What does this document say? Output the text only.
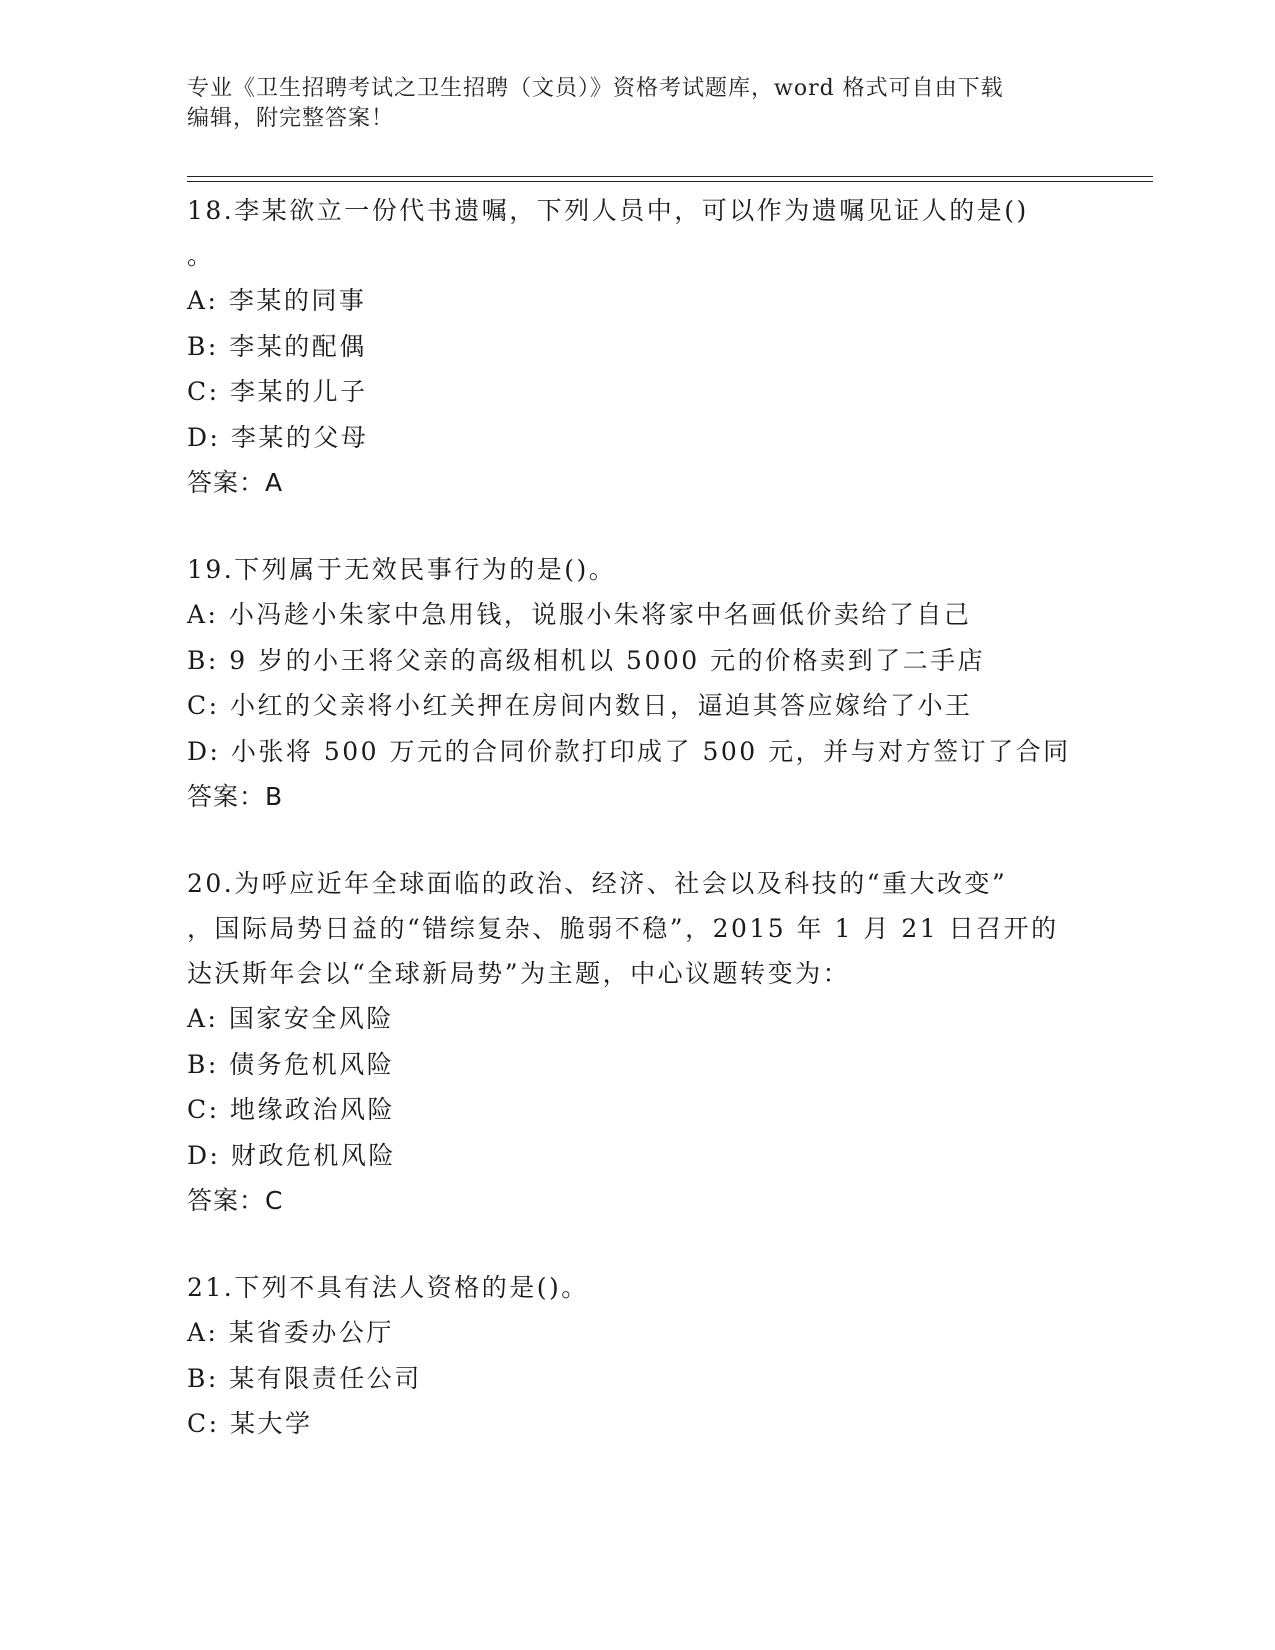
专业《卫生招聘考试之卫生招聘（文员）》资格考试题库，word 格式可自由下载
编辑，附完整答案！
18.李某欲立一份代书遗嘱，下列人员中，可以作为遗嘱见证人的是()
。
A: 李某的同事
B: 李某的配偶
C: 李某的儿子
D: 李某的父母
答案：A
19.下列属于无效民事行为的是()。
A: 小冯趁小朱家中急用钱，说服小朱将家中名画低价卖给了自己
B: 9 岁的小王将父亲的高级相机以 5000 元的价格卖到了二手店
C: 小红的父亲将小红关押在房间内数日，逼迫其答应嫁给了小王
D: 小张将 500 万元的合同价款打印成了 500 元，并与对方签订了合同
答案：B
20.为呼应近年全球面临的政治、经济、社会以及科技的“重大改变”
，国际局势日益的“错综复杂、脆弱不稳”，2015 年 1 月 21 日召开的
达沃斯年会以“全球新局势”为主题，中心议题转变为：
A: 国家安全风险
B: 债务危机风险
C: 地缘政治风险
D: 财政危机风险
答案：C
21.下列不具有法人资格的是()。
A: 某省委办公厅
B: 某有限责任公司
C: 某大学
